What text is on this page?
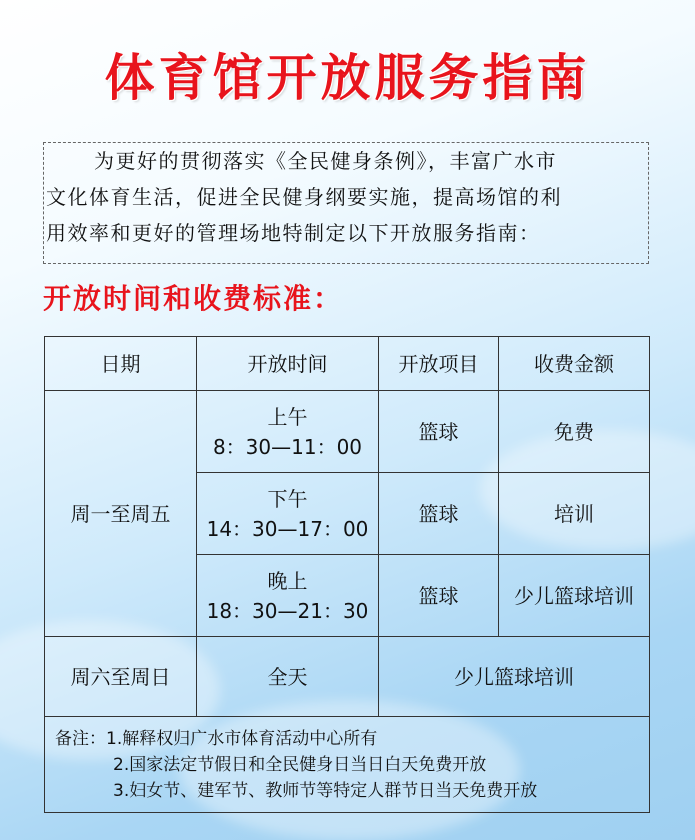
体育馆开放服务指南

为更好的贯彻落实《全民健身条例》，丰富广水市

文化体育生活，促进全民健身纲要实施，提高场馆的利

用效率和更好的管理场地特制定以下开放服务指南：

开放时间和收费标准：
日期	开放时间	开放项目	收费金额
周一至周五	上午
8：30—11：00	篮球	免费

	下午
14：30—17：00	篮球	培训

	晚上
18：30—21：30	篮球	少儿篮球培训
周六至周日	全天	少儿篮球培训	

备注：1.解释权归广水市体育活动中心所有
2.国家法定节假日和全民健身日当日白天免费开放
3.妇女节、建军节、教师节等特定人群节日当天免费开放			
